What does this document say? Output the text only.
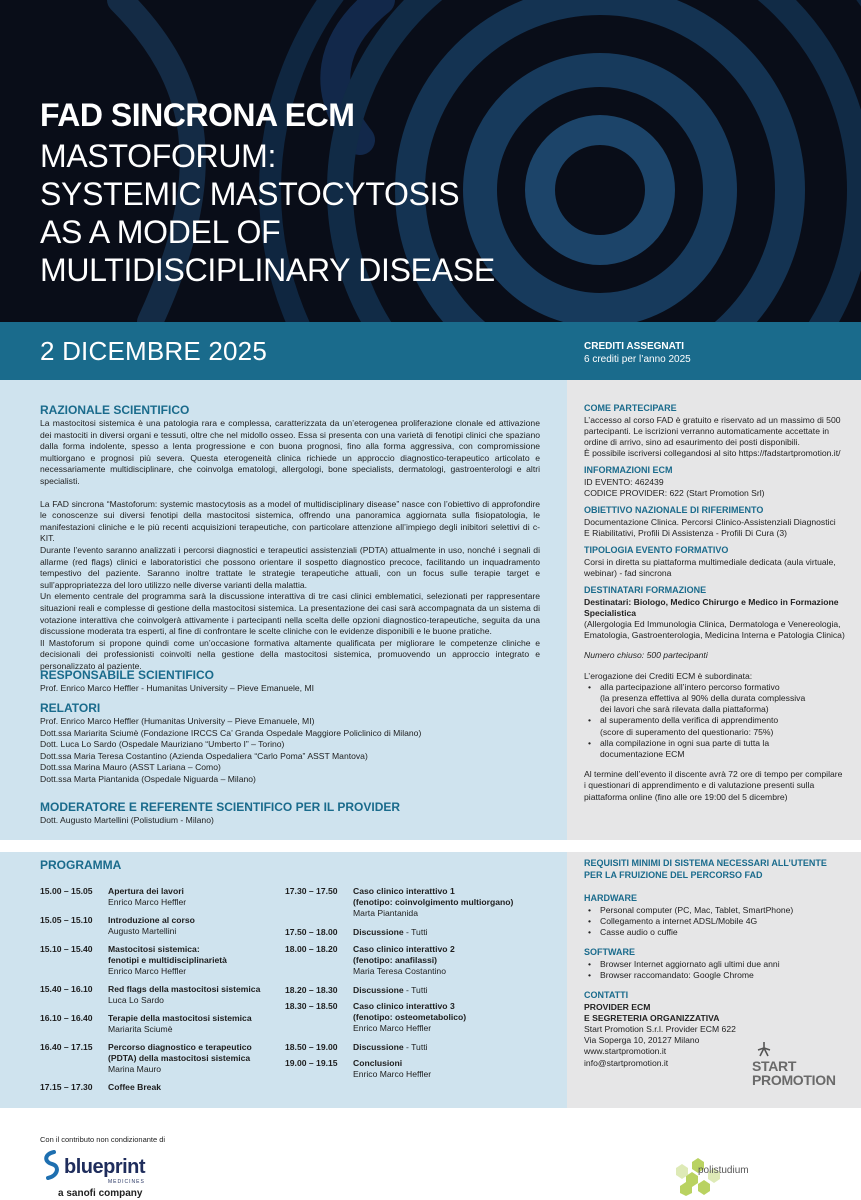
FAD SINCRONA ECM
MASTOFORUM:
SYSTEMIC MASTOCYTOSIS
AS A MODEL OF
MULTIDISCIPLINARY DISEASE
2 DICEMBRE 2025	CREDITI ASSEGNATI
6 crediti per l’anno 2025
RAZIONALE SCIENTIFICO

La mastocitosi sistemica è una patologia rara e complessa, caratterizzata da un’eterogenea proliferazione clonale ed attivazione dei mastociti in diversi organi e tessuti, oltre che nel midollo osseo. Essa si presenta con una varietà di fenotipi clinici che spaziano dalla forma indolente, spesso a lenta progressione e con buona prognosi, fino alla forma aggressiva, con compromissione multiorgano e prognosi più severa. Questa eterogeneità clinica richiede un approccio diagnostico-terapeutico articolato e necessariamente multidisciplinare, che coinvolga ematologi, allergologi, bone specialists, dermatologi, gastroenterologi e altri specialisti.

La FAD sincrona “Mastoforum: systemic mastocytosis as a model of multidisciplinary disease” nasce con l’obiettivo di approfondire le conoscenze sui diversi fenotipi della mastocitosi sistemica, offrendo una panoramica aggiornata sulla fisiopatologia, le manifestazioni cliniche e le più recenti acquisizioni terapeutiche, con particolare attenzione all’impiego degli inibitori selettivi di c-KIT.

Durante l’evento saranno analizzati i percorsi diagnostici e terapeutici assistenziali (PDTA) attualmente in uso, nonché i segnali di allarme (red flags) clinici e laboratoristici che possono orientare il sospetto diagnostico precoce, facilitando un inquadramento tempestivo del paziente. Saranno inoltre trattate le strategie terapeutiche attuali, con un focus sulle terapie target e sull’appropriatezza del loro utilizzo nelle diverse varianti della malattia.

Un elemento centrale del programma sarà la discussione interattiva di tre casi clinici emblematici, selezionati per rappresentare situazioni reali e complesse di gestione della mastocitosi sistemica. La presentazione dei casi sarà accompagnata da un sistema di votazione interattiva che coinvolgerà attivamente i partecipanti nella scelta delle opzioni diagnostico-terapeutiche, seguita da una discussione moderata tra esperti, al fine di confrontare le scelte cliniche con le evidenze disponibili e le buone pratiche.

Il Mastoforum si propone quindi come un’occasione formativa altamente qualificata per migliorare le competenze cliniche e decisionali dei professionisti coinvolti nella gestione della mastocitosi sistemica, promuovendo un approccio integrato e personalizzato al paziente.

RESPONSABILE SCIENTIFICO
Prof. Enrico Marco Heffler - Humanitas University – Pieve Emanuele, MI
RELATORI
Prof. Enrico Marco Heffler (Humanitas University – Pieve Emanuele, MI)
Dott.ssa Mariarita Sciumè (Fondazione IRCCS Ca’ Granda Ospedale Maggiore Policlinico di Milano)
Dott. Luca Lo Sardo (Ospedale Mauriziano “Umberto I” – Torino)
Dott.ssa Maria Teresa Costantino (Azienda Ospedaliera “Carlo Poma” ASST Mantova)
Dott.ssa Marina Mauro (ASST Lariana – Como)
Dott.ssa Marta Piantanida (Ospedale Niguarda – Milano)
MODERATORE E REFERENTE SCIENTIFICO PER IL PROVIDER
Dott. Augusto Martellini (Polistudium - Milano)
COME PARTECIPARE
L’accesso al corso FAD è gratuito e riservato ad un massimo di 500
partecipanti. Le iscrizioni verranno automaticamente accettate in
ordine di arrivo, sino ad esaurimento dei posti disponibili.
È possibile iscriversi collegandosi al sito https://fadstartpromotion.it/
INFORMAZIONI ECM
ID EVENTO: 462439
CODICE PROVIDER: 622 (Start Promotion Srl)
OBIETTIVO NAZIONALE DI RIFERIMENTO
Documentazione Clinica. Percorsi Clinico-Assistenziali Diagnostici
E Riabilitativi, Profili Di Assistenza - Profili Di Cura (3)
TIPOLOGIA EVENTO FORMATIVO
Corsi in diretta su piattaforma multimediale dedicata (aula virtuale,
webinar) - fad sincrona
DESTINATARI FORMAZIONE
Destinatari: Biologo, Medico Chirurgo e Medico in Formazione
Specialistica
(Allergologia Ed Immunologia Clinica, Dermatologa e Venereologia,
Ematologia, Gastroenterologia, Medicina Interna e Patologia Clinica)
Numero chiuso: 500 partecipanti
L’erogazione dei Crediti ECM è subordinata:
• alla partecipazione all’intero percorso formativo
(la presenza effettiva al 90% della durata complessiva
dei lavori che sarà rilevata dalla piattaforma)
• al superamento della verifica di apprendimento
(score di superamento del questionario: 75%)
• alla compilazione in ogni sua parte di tutta la
documentazione ECM
Al termine dell’evento il discente avrà 72 ore di tempo per compilare
i questionari di apprendimento e di valutazione presenti sulla
piattaforma online (fino alle ore 19:00 del 5 dicembre)
PROGRAMMA
15.00 – 15.05	Apertura dei lavori
Enrico Marco Heffler
15.05 – 15.10	Introduzione al corso
Augusto Martellini
15.10 – 15.40	Mastocitosi sistemica:
fenotipi e multidisciplinarietà
Enrico Marco Heffler
15.40 – 16.10	Red flags della mastocitosi sistemica
Luca Lo Sardo
16.10 – 16.40	Terapie della mastocitosi sistemica
Mariarita Sciumè
16.40 – 17.15	Percorso diagnostico e terapeutico
(PDTA) della mastocitosi sistemica
Marina Mauro
17.15 – 17.30	Coffee Break
17.30 – 17.50	Caso clinico interattivo 1
(fenotipo: coinvolgimento multiorgano)
Marta Piantanida
17.50 – 18.00	Discussione - Tutti
18.00 – 18.20	Caso clinico interattivo 2
(fenotipo: anafilassi)
Maria Teresa Costantino
18.20 – 18.30	Discussione - Tutti
18.30 – 18.50	Caso clinico interattivo 3
(fenotipo: osteometabolico)
Enrico Marco Heffler
18.50 – 19.00	Discussione - Tutti
19.00 – 19.15	Conclusioni
Enrico Marco Heffler
REQUISITI MINIMI DI SISTEMA NECESSARI ALL’UTENTE
PER LA FRUIZIONE DEL PERCORSO FAD
HARDWARE
• Personal computer (PC, Mac, Tablet, SmartPhone)
• Collegamento a internet ADSL/Mobile 4G
• Casse audio o cuffie
SOFTWARE
• Browser Internet aggiornato agli ultimi due anni
• Browser raccomandato: Google Chrome
CONTATTI
PROVIDER ECM
E SEGRETERIA ORGANIZZATIVA
Start Promotion S.r.l. Provider ECM 622
Via Soperga 10, 20127 Milano
www.startpromotion.it
info@startpromotion.it	START
PROMOTION
Con il contributo non condizionante di
blueprint
MEDICINES
a sanofi company
polistudium
